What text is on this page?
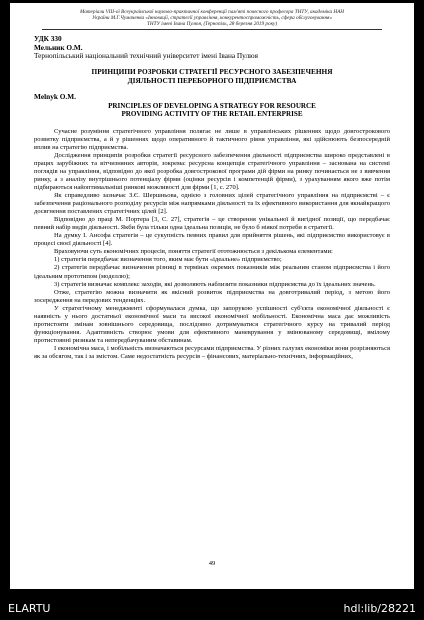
Матеріали VIII-ої Всеукраїнської науково-практичної конференції пам'яті почесного професора ТНТУ, академіка НАН
України М.Г.Чумаченка «Інновації, стратегії управління, конкурентоспроможність, сфера обслуговування»
ТНТУ імені Івана Пулюя, (Тернопіль, 28 березня 2019 року)
УДК 330
Мельник О.М.
Тернопільський національний технічний університет імені Івана Пулюя
ПРИНЦИПИ РОЗРОБКИ СТРАТЕГІЇ РЕСУРСНОГО ЗАБЕЗПЕЧЕННЯ
ДІЯЛЬНОСТІ ПЕРЕБОРНОГО ПІДПРИЄМСТВА
Melnyk O.M.
PRINCIPLES OF DEVELOPING A STRATEGY FOR RESOURCE
PROVIDING ACTIVITY OF THE RETAIL ENTERPRISE

Сучасне розуміння стратегічного управління полягає не лише в управлінських рішеннях щодо довгострокового розвитку підприємства, а й у рішеннях щодо оперативного й тактичного рівня управління, які здійснюють безпосередній вплив на стратегію підприємства.

Дослідження принципів розробки стратегії ресурсного забезпечення діяльності підприємства широко представлені в працях зарубіжних та вітчизняних авторів, зокрема: ресурсна концепція стратегічного управління – заснована на системі поглядів на управління, відповідно до якої розробка довгострокової програми дій фірми на ринку починається не з вивчення ринку, а з аналізу внутрішнього потенціалу фірми (оцінки ресурсів і компетенцій фірми), з урахуванням якого вже потім підбираються найоптимальніші ринкові можливості для фірми [1, с. 270].

Як справедливо зазначає З.Є. Шершньова, однією з головних цілей стратегічного управління на підприємстві – є забезпечення раціонального розподілу ресурсів між напрямками діяльності та їх ефективного використання для якнайкращого досягнення поставлених стратегічних цілей [2].

Відповідно до праці М. Портера [3, С. 27], стратегія – це створення унікальної й вигідної позиції, що передбачає певний набір видів діяльності. Якби була тільки одна ідеальна позиція, не було б ніякої потреби в стратегії.

На думку І. Ансофа стратегія – це сукупність певних правил для прийняття рішень, які підприємство використовує в процесі своєї діяльності [4].

Враховуючи суть економічних процесів, поняття стратегії ототожнюється з декількома елементами:

1) стратегія передбачає визначення того, яким має бути «ідеальне» підприємство;

2) стратегія передбачає визначення різниці в термінах окремих показників між реальним станом підприємства і його ідеальним прототипом (моделлю);

3) стратегія визначає комплекс заходів, які дозволяють наблизити показники підприємства до їх ідеальних значень.

Отже, стратегію можна визначити як якісний розвиток підприємства на довготривалий період, з метою його зосередження на передових тенденціях.

У стратегічному менеджменті сформувалася думка, що запорукою успішності суб'єкта економічної діяльності є наявність у нього достатньої економічної маси та високої економічної мобільності. Економічна маса дає можливість протистояти змінам зовнішнього середовища, послідовно дотримуватися стратегічного курсу на тривалий період функціонування. Адаптивність створює умови для ефективного маневрування у змінюваному середовищі, вмілому протистоянні ризикам та непередбачуваним обставинам.

І економічна маса, і мобільність визначаються ресурсами підприємства. У різних галузях економіки вони розрізняються як за обсягом, так і за змістом. Саме недостатність ресурсів – фінансових, матеріально-технічних, інформаційних,

49
ELARTU	hdl:lib/28221
